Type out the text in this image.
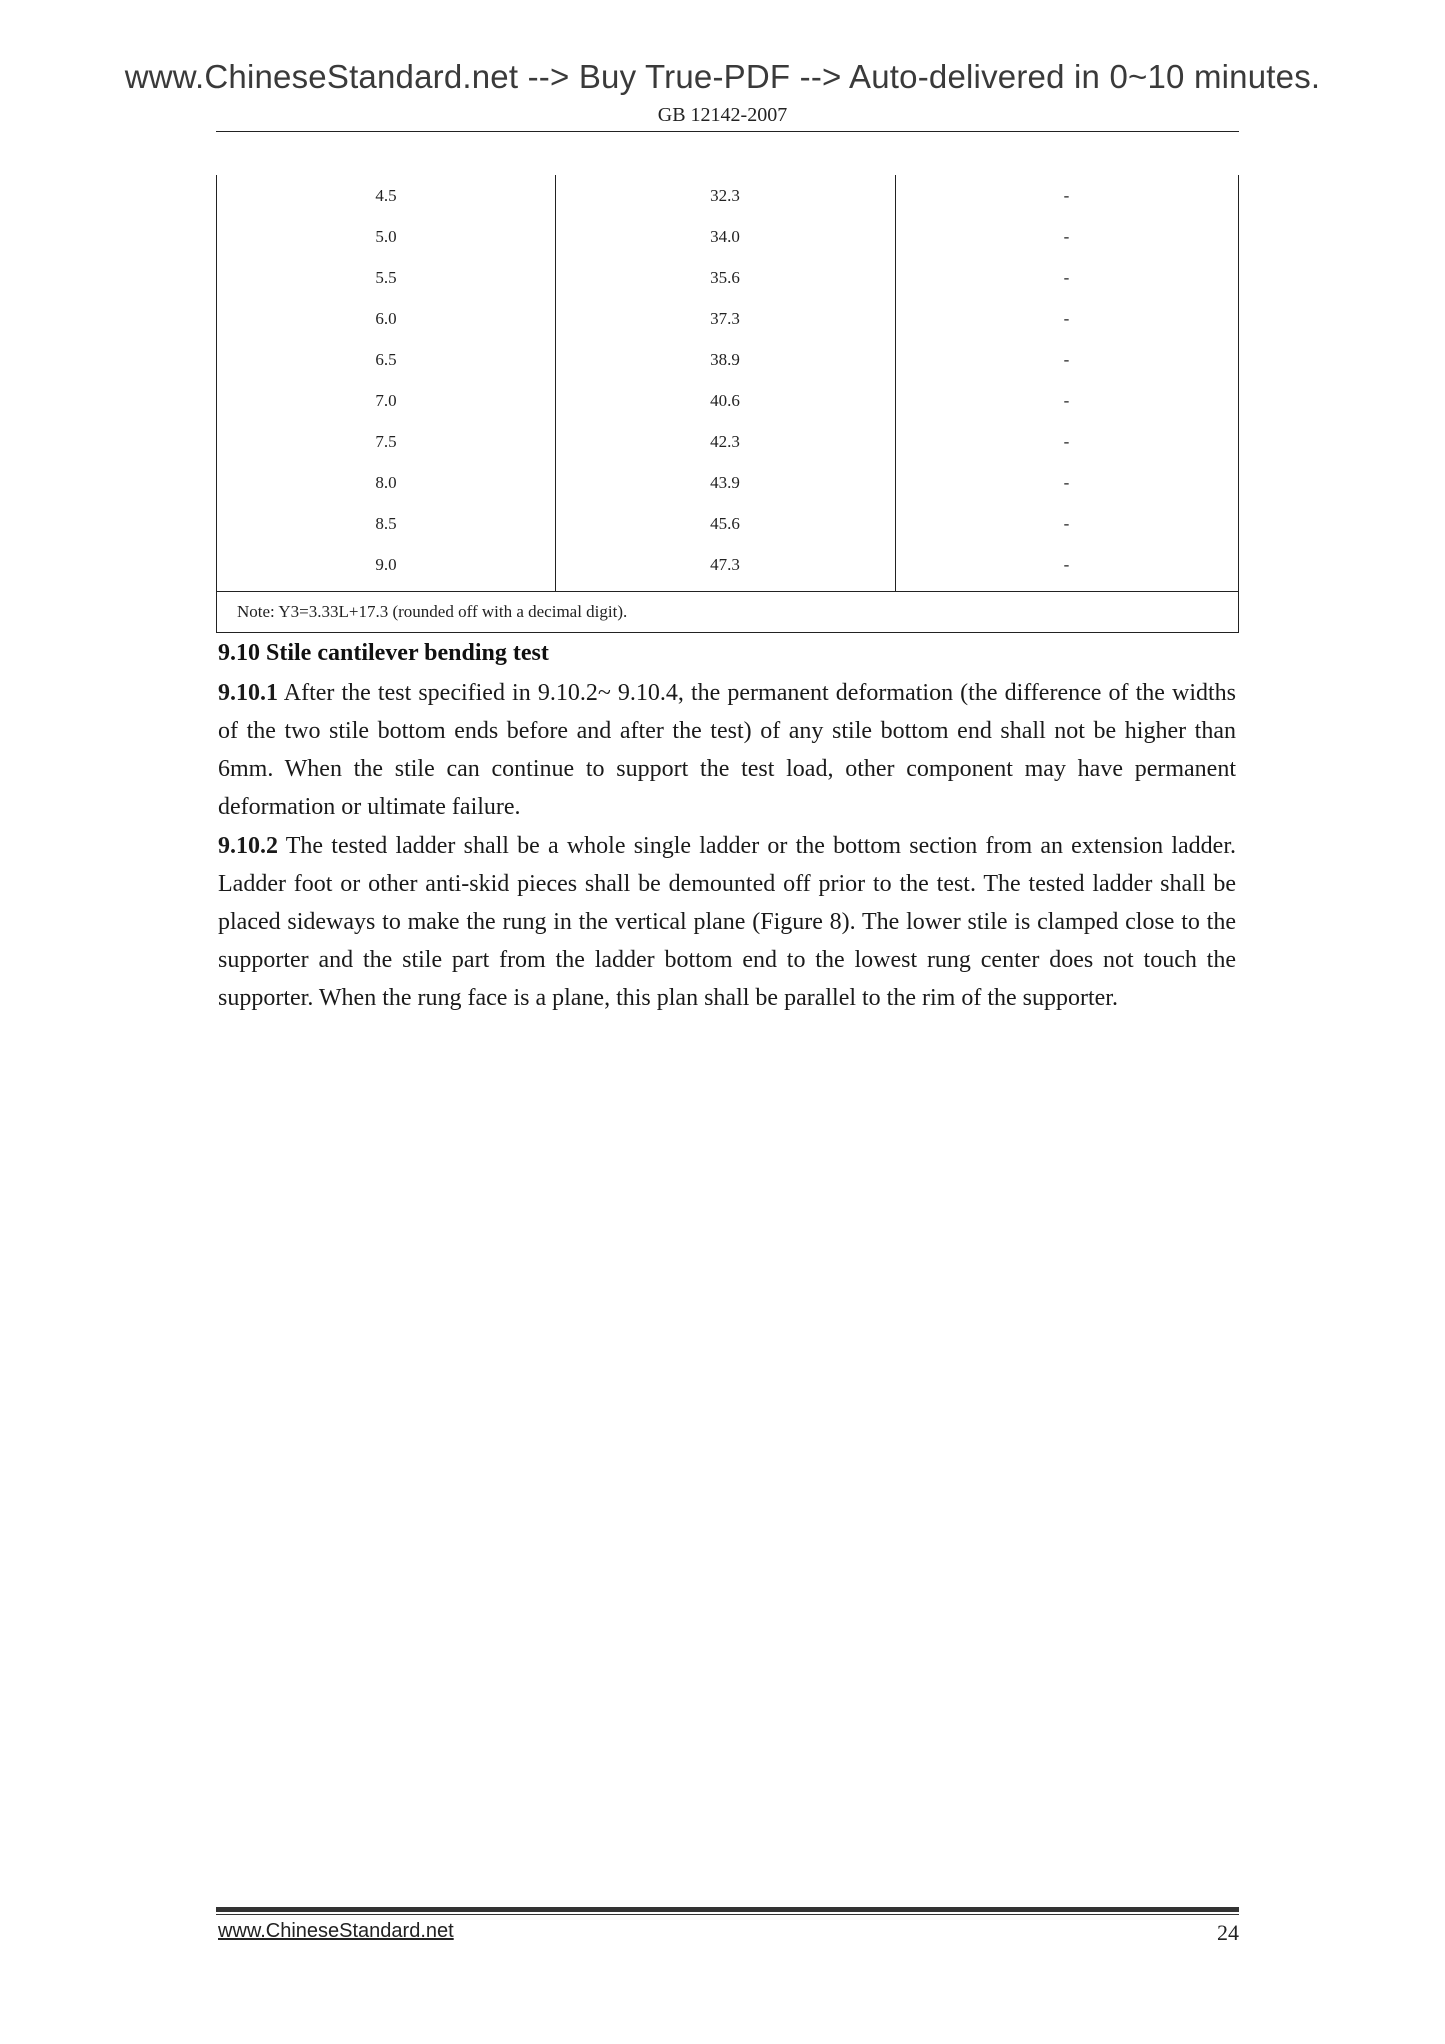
www.ChineseStandard.net --> Buy True-PDF --> Auto-delivered in 0~10 minutes.
GB 12142-2007
4.5	32.3	-
5.0	34.0	-
5.5	35.6	-
6.0	37.3	-
6.5	38.9	-
7.0	40.6	-
7.5	42.3	-
8.0	43.9	-
8.5	45.6	-
9.0	47.3	-
Note: Y3=3.33L+17.3 (rounded off with a decimal digit).
9.10 Stile cantilever bending test
9.10.1 After the test specified in 9.10.2~ 9.10.4, the permanent deformation (the difference of the widths of the two stile bottom ends before and after the test) of any stile bottom end shall not be higher than 6mm. When the stile can continue to support the test load, other component may have permanent deformation or ultimate failure.
9.10.2 The tested ladder shall be a whole single ladder or the bottom section from an extension ladder. Ladder foot or other anti-skid pieces shall be demounted off prior to the test. The tested ladder shall be placed sideways to make the rung in the vertical plane (Figure 8). The lower stile is clamped close to the supporter and the stile part from the ladder bottom end to the lowest rung center does not touch the supporter. When the rung face is a plane, this plan shall be parallel to the rim of the supporter.
www.ChineseStandard.net	24
